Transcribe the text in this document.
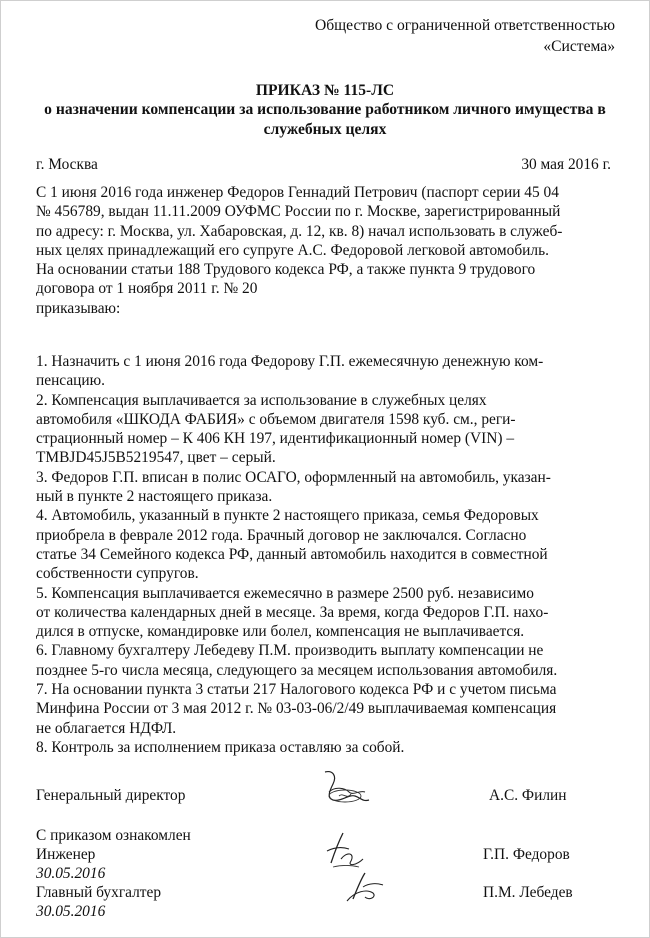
Общество с ограниченной ответственностью
«Система»
ПРИКАЗ № 115-ЛС
о назначении компенсации за использование работником личного имущества в служебных целях
г. Москва	30 мая 2016 г.
С 1 июня 2016 года инженер Федоров Геннадий Петрович (паспорт серии 45 04
№ 456789, выдан 11.11.2009 ОУФМС России по г. Москве, зарегистрированный
по адресу: г. Москва, ул. Хабаровская, д. 12, кв. 8) начал использовать в служеб-
ных целях принадлежащий его супруге А.С. Федоровой легковой автомобиль.
На основании статьи 188 Трудового кодекса РФ, а также пункта 9 трудового
договора от 1 ноября 2011 г. № 20
приказываю:
1. Назначить с 1 июня 2016 года Федорову Г.П. ежемесячную денежную ком-
пенсацию.
2. Компенсация выплачивается за использование в служебных целях
автомобиля «ШКОДА ФАБИЯ» с объемом двигателя 1598 куб. см., реги-
страционный номер – К 406 КН 197, идентификационный номер (VIN) –
TMBJD45J5B5219547, цвет – серый.
3. Федоров Г.П. вписан в полис ОСАГО, оформленный на автомобиль, указан-
ный в пункте 2 настоящего приказа.
4. Автомобиль, указанный в пункте 2 настоящего приказа, семья Федоровых
приобрела в феврале 2012 года. Брачный договор не заключался. Согласно
статье 34 Семейного кодекса РФ, данный автомобиль находится в совместной
собственности супругов.
5. Компенсация выплачивается ежемесячно в размере 2500 руб. независимо
от количества календарных дней в месяце. За время, когда Федоров Г.П. нахо-
дился в отпуске, командировке или болел, компенсация не выплачивается.
6. Главному бухгалтеру Лебедеву П.М. производить выплату компенсации не
позднее 5-го числа месяца, следующего за месяцем использования автомобиля.
7. На основании пункта 3 статьи 217 Налогового кодекса РФ и с учетом письма
Минфина России от 3 мая 2012 г. № 03-03-06/2/49 выплачиваемая компенсация
не облагается НДФЛ.
8. Контроль за исполнением приказа оставляю за собой.
Генеральный директор	А.С. Филин
С приказом ознакомлен
Инженер	Г.П. Федоров
30.05.2016
Главный бухгалтер	П.М. Лебедев
30.05.2016
